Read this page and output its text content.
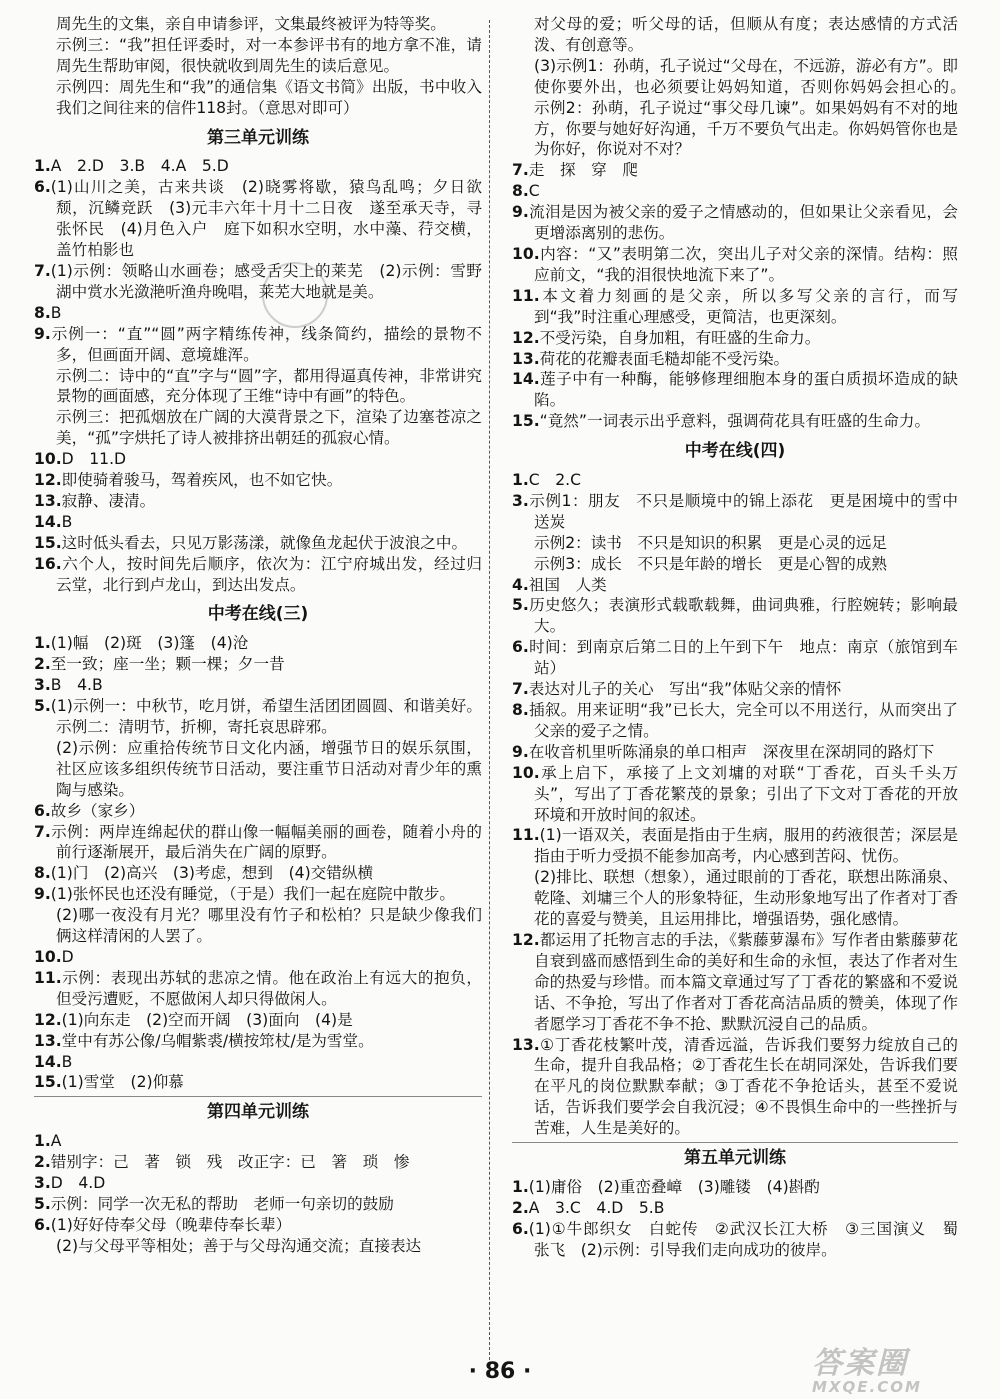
周先生的文集，亲自申请参评，文集最终被评为特等奖。

示例三：“我”担任评委时，对一本参评书有的地方拿不准，请周先生帮助审阅，很快就收到周先生的读后意见。

示例四：周先生和“我”的通信集《语文书简》出版，书中收入我们之间往来的信件118封。（意思对即可）

第三单元训练

1.A　2.D　3.B　4.A　5.D

6.(1)山川之美，古来共谈　(2)晓雾将歇，猿鸟乱鸣；夕日欲颓，沉鳞竞跃　(3)元丰六年十月十二日夜　遂至承天寺，寻张怀民　(4)月色入户　庭下如积水空明，水中藻、荇交横，盖竹柏影也

7.(1)示例：领略山水画卷；感受舌尖上的莱芜　(2)示例：雪野湖中赏水光潋滟听渔舟晚唱，莱芜大地就是美。

8.B

9.示例一：“直”“圆”两字精练传神，线条简约，描绘的景物不多，但画面开阔、意境雄浑。

示例二：诗中的“直”字与“圆”字，都用得逼真传神，非常讲究景物的画面感，充分体现了王维“诗中有画”的特色。

示例三：把孤烟放在广阔的大漠背景之下，渲染了边塞苍凉之美，“孤”字烘托了诗人被排挤出朝廷的孤寂心情。

10.D　11.D

12.即使骑着骏马，驾着疾风，也不如它快。

13.寂静、凄清。

14.B

15.这时低头看去，只见万影荡漾，就像鱼龙起伏于波浪之中。

16.六个人，按时间先后顺序，依次为：江宁府城出发，经过归云堂，北行到卢龙山，到达出发点。

中考在线(三)

1.(1)幅　(2)斑　(3)篷　(4)沧

2.至一致；座一坐；颗一棵；夕一昔

3.B　4.B

5.(1)示例一：中秋节，吃月饼，希望生活团团圆圆、和谐美好。示例二：清明节，折柳，寄托哀思辟邪。

(2)示例：应重拾传统节日文化内涵，增强节日的娱乐氛围，社区应该多组织传统节日活动，要注重节日活动对青少年的熏陶与感染。

6.故乡（家乡）

7.示例：两岸连绵起伏的群山像一幅幅美丽的画卷，随着小舟的前行逐渐展开，最后消失在广阔的原野。

8.(1)门　(2)高兴　(3)考虑，想到　(4)交错纵横

9.(1)张怀民也还没有睡觉，（于是）我们一起在庭院中散步。

(2)哪一夜没有月光？哪里没有竹子和松柏？只是缺少像我们俩这样清闲的人罢了。

10.D

11.示例：表现出苏轼的悲凉之情。他在政治上有远大的抱负，但受污遭贬，不愿做闲人却只得做闲人。

12.(1)向东走　(2)空而开阔　(3)面向　(4)是

13.堂中有苏公像/乌帽紫裘/横按筇杖/是为雪堂。

14.B

15.(1)雪堂　(2)仰慕

第四单元训练

1.A

2.错别字：己　著　锁　残　改正字：已　箸　琐　惨

3.D　4.D

5.示例：同学一次无私的帮助　老师一句亲切的鼓励

6.(1)好好侍奉父母（晚辈侍奉长辈）

(2)与父母平等相处；善于与父母沟通交流；直接表达

对父母的爱；听父母的话，但顺从有度；表达感情的方式活泼、有创意等。

(3)示例1：孙萌，孔子说过“父母在，不远游，游必有方”。即使你要外出，也必须要让妈妈知道，否则你妈妈会担心的。　示例2：孙萌，孔子说过“事父母几谏”。如果妈妈有不对的地方，你要与她好好沟通，千万不要负气出走。你妈妈管你也是为你好，你说对不对？

7.走　探　穿　爬

8.C

9.流泪是因为被父亲的爱子之情感动的，但如果让父亲看见，会更增添离别的悲伤。

10.内容：“又”表明第二次，突出儿子对父亲的深情。结构：照应前文，“我的泪很快地流下来了”。

11.本文着力刻画的是父亲，所以多写父亲的言行，而写到“我”时注重心理感受，更简洁，也更深刻。

12.不受污染，自身加粗，有旺盛的生命力。

13.荷花的花瓣表面毛糙却能不受污染。

14.莲子中有一种酶，能够修理细胞本身的蛋白质损坏造成的缺陷。

15.“竟然”一词表示出乎意料，强调荷花具有旺盛的生命力。

中考在线(四)

1.C　2.C

3.示例1：朋友　不只是顺境中的锦上添花　更是困境中的雪中送炭

示例2：读书　不只是知识的积累　更是心灵的远足

示例3：成长　不只是年龄的增长　更是心智的成熟

4.祖国　人类

5.历史悠久；表演形式载歌载舞，曲词典雅，行腔婉转；影响最大。

6.时间：到南京后第二日的上午到下午　地点：南京（旅馆到车站）

7.表达对儿子的关心　写出“我”体贴父亲的情怀

8.插叙。用来证明“我”已长大，完全可以不用送行，从而突出了父亲的爱子之情。

9.在收音机里听陈涌泉的单口相声　深夜里在深胡同的路灯下

10.承上启下，承接了上文刘墉的对联“丁香花，百头千头万头”，写出了丁香花繁茂的景象；引出了下文对丁香花的开放环境和开放时间的叙述。

11.(1)一语双关，表面是指由于生病，服用的药液很苦；深层是指由于听力受损不能参加高考，内心感到苦闷、忧伤。

(2)排比、联想（想象），通过眼前的丁香花，联想出陈涌泉、乾隆、刘墉三个人的形象特征，生动形象地写出了作者对丁香花的喜爱与赞美，且运用排比，增强语势，强化感情。

12.都运用了托物言志的手法，《紫藤萝瀑布》写作者由紫藤萝花自衰到盛而感悟到生命的美好和生命的永恒，表达了作者对生命的热爱与珍惜。而本篇文章通过写了丁香花的繁盛和不爱说话、不争抢，写出了作者对丁香花高洁品质的赞美，体现了作者愿学习丁香花不争不抢、默默沉浸自己的品质。

13.①丁香花枝繁叶茂，清香远溢，告诉我们要努力绽放自己的生命，提升自我品格；②丁香花生长在胡同深处，告诉我们要在平凡的岗位默默奉献；③丁香花不争抢话头，甚至不爱说话，告诉我们要学会自我沉浸；④不畏惧生命中的一些挫折与苦难，人生是美好的。

第五单元训练

1.(1)庸俗　(2)重峦叠嶂　(3)雕镂　(4)斟酌

2.A　3.C　4.D　5.B

6.(1)①牛郎织女　白蛇传　②武汉长江大桥　③三国演义　蜀　张飞　(2)示例：引导我们走向成功的彼岸。

· 86 ·	答案圈
MXQE.COM
